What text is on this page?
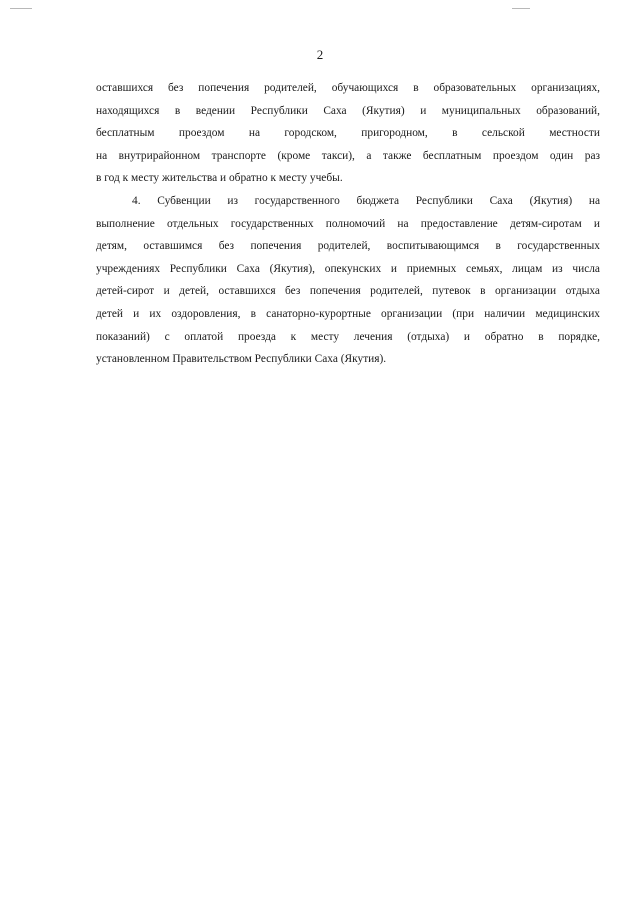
2
оставшихся без попечения родителей, обучающихся в образовательных организациях,
находящихся в ведении Республики Саха (Якутия) и муниципальных образований,
бесплатным проездом на городском, пригородном, в сельской местности
на внутрирайонном транспорте (кроме такси), а также бесплатным проездом один раз
в год к месту жительства и обратно к месту учебы.
4. Субвенции из государственного бюджета Республики Саха (Якутия) на
выполнение отдельных государственных полномочий на предоставление детям-сиротам и
детям, оставшимся без попечения родителей, воспитывающимся в государственных
учреждениях Республики Саха (Якутия), опекунских и приемных семьях, лицам из числа
детей-сирот и детей, оставшихся без попечения родителей, путевок в организации отдыха
детей и их оздоровления, в санаторно-курортные организации (при наличии медицинских
показаний) с оплатой проезда к месту лечения (отдыха) и обратно в порядке,
установленном Правительством Республики Саха (Якутия).
